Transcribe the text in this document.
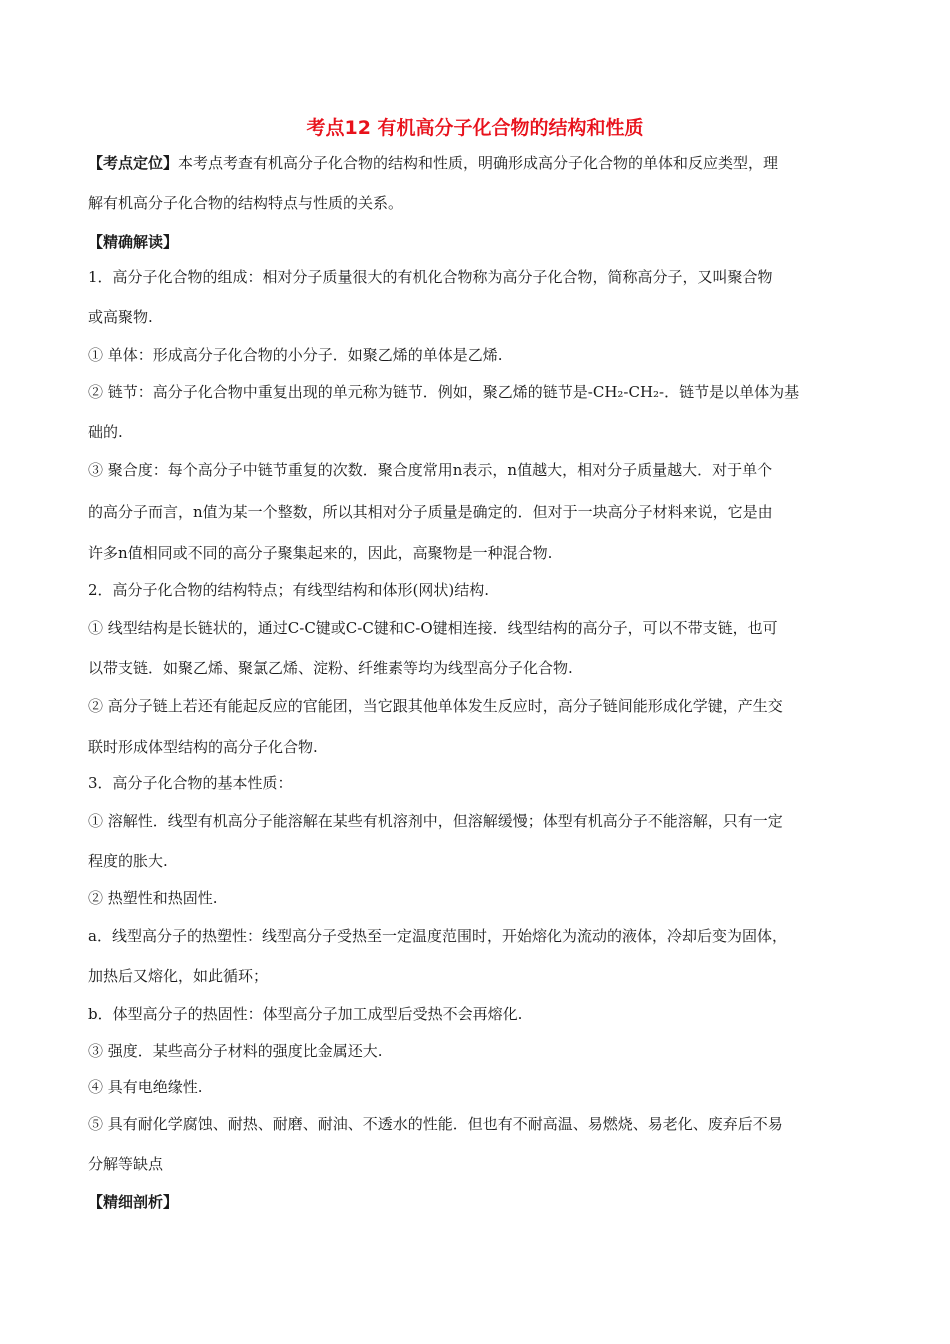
考点12 有机高分子化合物的结构和性质
【考点定位】本考点考查有机高分子化合物的结构和性质，明确形成高分子化合物的单体和反应类型，理
解有机高分子化合物的结构特点与性质的关系。
【精确解读】
1．高分子化合物的组成：相对分子质量很大的有机化合物称为高分子化合物，简称高分子，又叫聚合物
或高聚物.
① 单体：形成高分子化合物的小分子．如聚乙烯的单体是乙烯.
② 链节：高分子化合物中重复出现的单元称为链节．例如，聚乙烯的链节是-CH₂-CH₂-．链节是以单体为基
础的.
③ 聚合度：每个高分子中链节重复的次数．聚合度常用n表示，n值越大，相对分子质量越大．对于单个
的高分子而言，n值为某一个整数，所以其相对分子质量是确定的．但对于一块高分子材料来说，它是由
许多n值相同或不同的高分子聚集起来的，因此，高聚物是一种混合物.
2．高分子化合物的结构特点；有线型结构和体形(网状)结构.
① 线型结构是长链状的，通过C-C键或C-C键和C-O键相连接．线型结构的高分子，可以不带支链，也可
以带支链．如聚乙烯、聚氯乙烯、淀粉、纤维素等均为线型高分子化合物.
② 高分子链上若还有能起反应的官能团，当它跟其他单体发生反应时，高分子链间能形成化学键，产生交
联时形成体型结构的高分子化合物.
3．高分子化合物的基本性质：
① 溶解性．线型有机高分子能溶解在某些有机溶剂中，但溶解缓慢；体型有机高分子不能溶解，只有一定
程度的胀大.
② 热塑性和热固性.
a．线型高分子的热塑性：线型高分子受热至一定温度范围时，开始熔化为流动的液体，冷却后变为固体，
加热后又熔化，如此循环；
b．体型高分子的热固性：体型高分子加工成型后受热不会再熔化.
③ 强度．某些高分子材料的强度比金属还大.
④ 具有电绝缘性.
⑤ 具有耐化学腐蚀、耐热、耐磨、耐油、不透水的性能．但也有不耐高温、易燃烧、易老化、废弃后不易
分解等缺点
【精细剖析】
